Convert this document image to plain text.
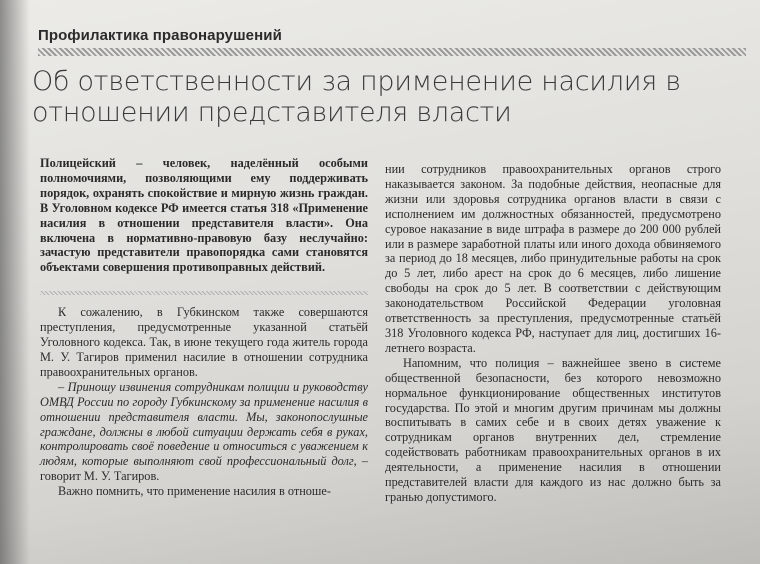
Профилактика правонарушений
Об ответственности за применение насилия в отношении представителя власти

Полицейский – человек, наделённый особыми полномочиями, позволяющими ему поддерживать порядок, охранять спокойствие и мирную жизнь граждан. В Уголовном кодексе РФ имеется статья 318 «Применение насилия в отношении представителя власти». Она включена в нормативно-правовую базу неслучайно: зачастую представители правопорядка сами становятся объектами совершения противоправных действий.

К сожалению, в Губкинском также совершаются преступления, предусмотренные указанной статьёй Уголовного кодекса. Так, в июне текущего года житель города М. У. Тагиров применил насилие в отношении сотрудника правоохранительных органов.

– Приношу извинения сотрудникам полиции и руководству ОМВД России по городу Губкинскому за применение насилия в отношении представителя власти. Мы, законопослушные граждане, должны в любой ситуации держать себя в руках, контролировать своё поведение и относиться с уважением к людям, которые выполняют свой профессиональный долг, – говорит М. У. Тагиров.

Важно помнить, что применение насилия в отноше-

нии сотрудников правоохранительных органов строго наказывается законом. За подобные действия, неопасные для жизни или здоровья сотрудника органов власти в связи с исполнением им должностных обязанностей, предусмотрено суровое наказание в виде штрафа в размере до 200 000 рублей или в размере заработной платы или иного дохода обвиняемого за период до 18 месяцев, либо принудительные работы на срок до 5 лет, либо арест на срок до 6 месяцев, либо лишение свободы на срок до 5 лет. В соответствии с действующим законодательством Российской Федерации уголовная ответственность за преступления, предусмотренные статьёй 318 Уголовного кодекса РФ, наступает для лиц, достигших 16-летнего возраста.

Напомним, что полиция – важнейшее звено в системе общественной безопасности, без которого невозможно нормальное функционирование общественных институтов государства. По этой и многим другим причинам мы должны воспитывать в самих себе и в своих детях уважение к сотрудникам органов внутренних дел, стремление содействовать работникам правоохранительных органов в их деятельности, а применение насилия в отношении представителей власти для каждого из нас должно быть за гранью допустимого.
